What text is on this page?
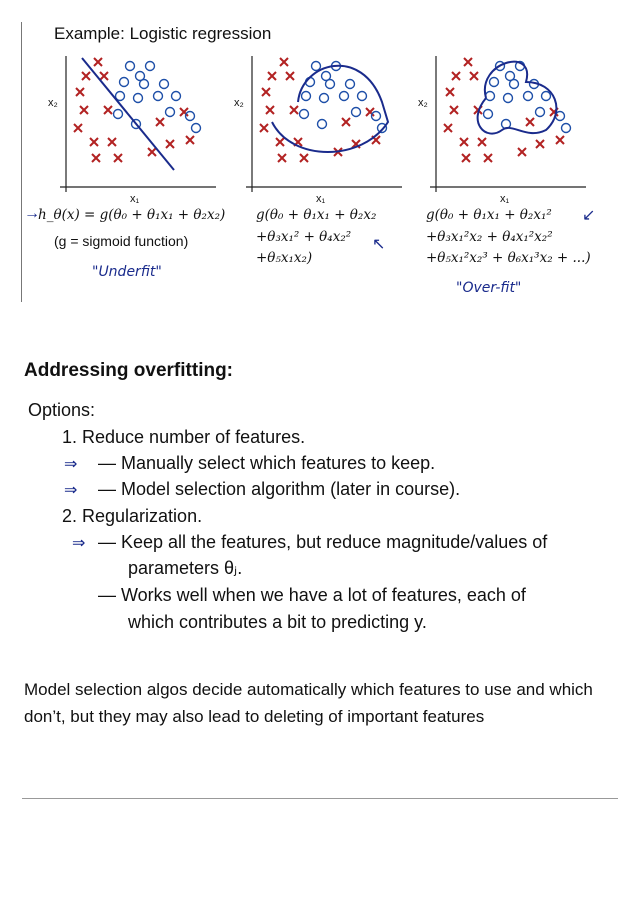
Example: Logistic regression
x₂
x₁
x₂
x₁
x₂
x₁
→
h_θ(x) = g(θ₀ + θ₁x₁ + θ₂x₂)
(g = sigmoid function)
"Underfit"
g(θ₀ + θ₁x₁ + θ₂x₂
+θ₃x₁² + θ₄x₂²
+θ₅x₁x₂)
↖
g(θ₀ + θ₁x₁ + θ₂x₁² ↙
+θ₃x₁²x₂ + θ₄x₁²x₂²
+θ₅x₁²x₂³ + θ₆x₁³x₂ + ...)
"Over-fit"
Addressing overfitting:
Options:
1. Reduce number of features.
⇒ — Manually select which features to keep.
⇒ — Model selection algorithm (later in course).
2. Regularization.
⇒ — Keep all the features, but reduce magnitude/values of
parameters θⱼ.
— Works well when we have a lot of features, each of
which contributes a bit to predicting y.
Model selection algos decide automatically which features to use and which don’t, but they may also lead to deleting of important features
